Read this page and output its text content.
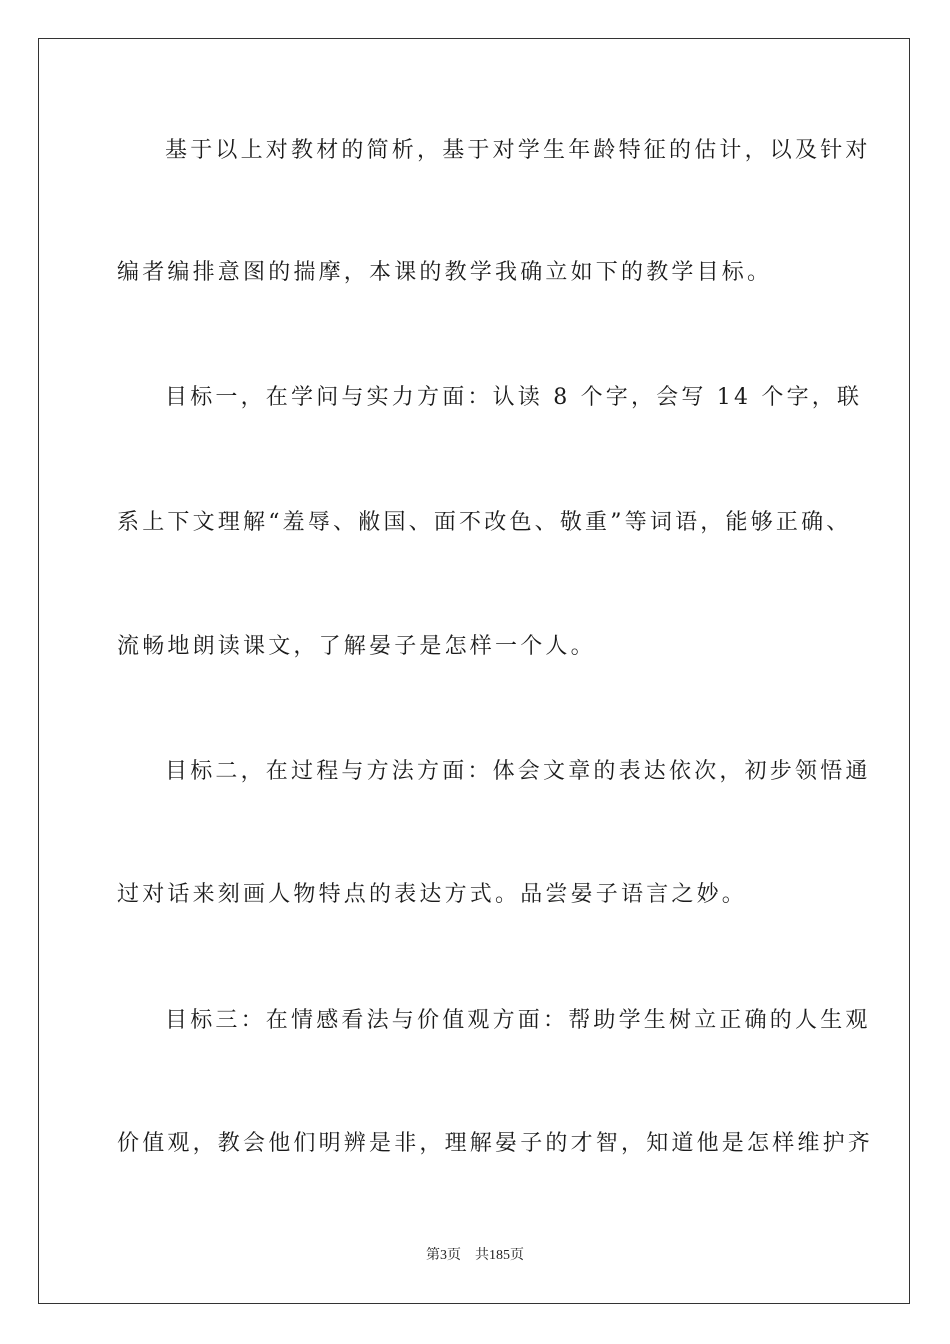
基于以上对教材的简析，基于对学生年龄特征的估计，以及针对
编者编排意图的揣摩，本课的教学我确立如下的教学目标。
目标一，在学问与实力方面：认读 8 个字，会写 14 个字，联
系上下文理解“羞辱、敝国、面不改色、敬重”等词语，能够正确、
流畅地朗读课文，了解晏子是怎样一个人。
目标二，在过程与方法方面：体会文章的表达依次，初步领悟通
过对话来刻画人物特点的表达方式。品尝晏子语言之妙。
目标三：在情感看法与价值观方面：帮助学生树立正确的人生观
价值观，教会他们明辨是非，理解晏子的才智，知道他是怎样维护齐
第3页 共185页
